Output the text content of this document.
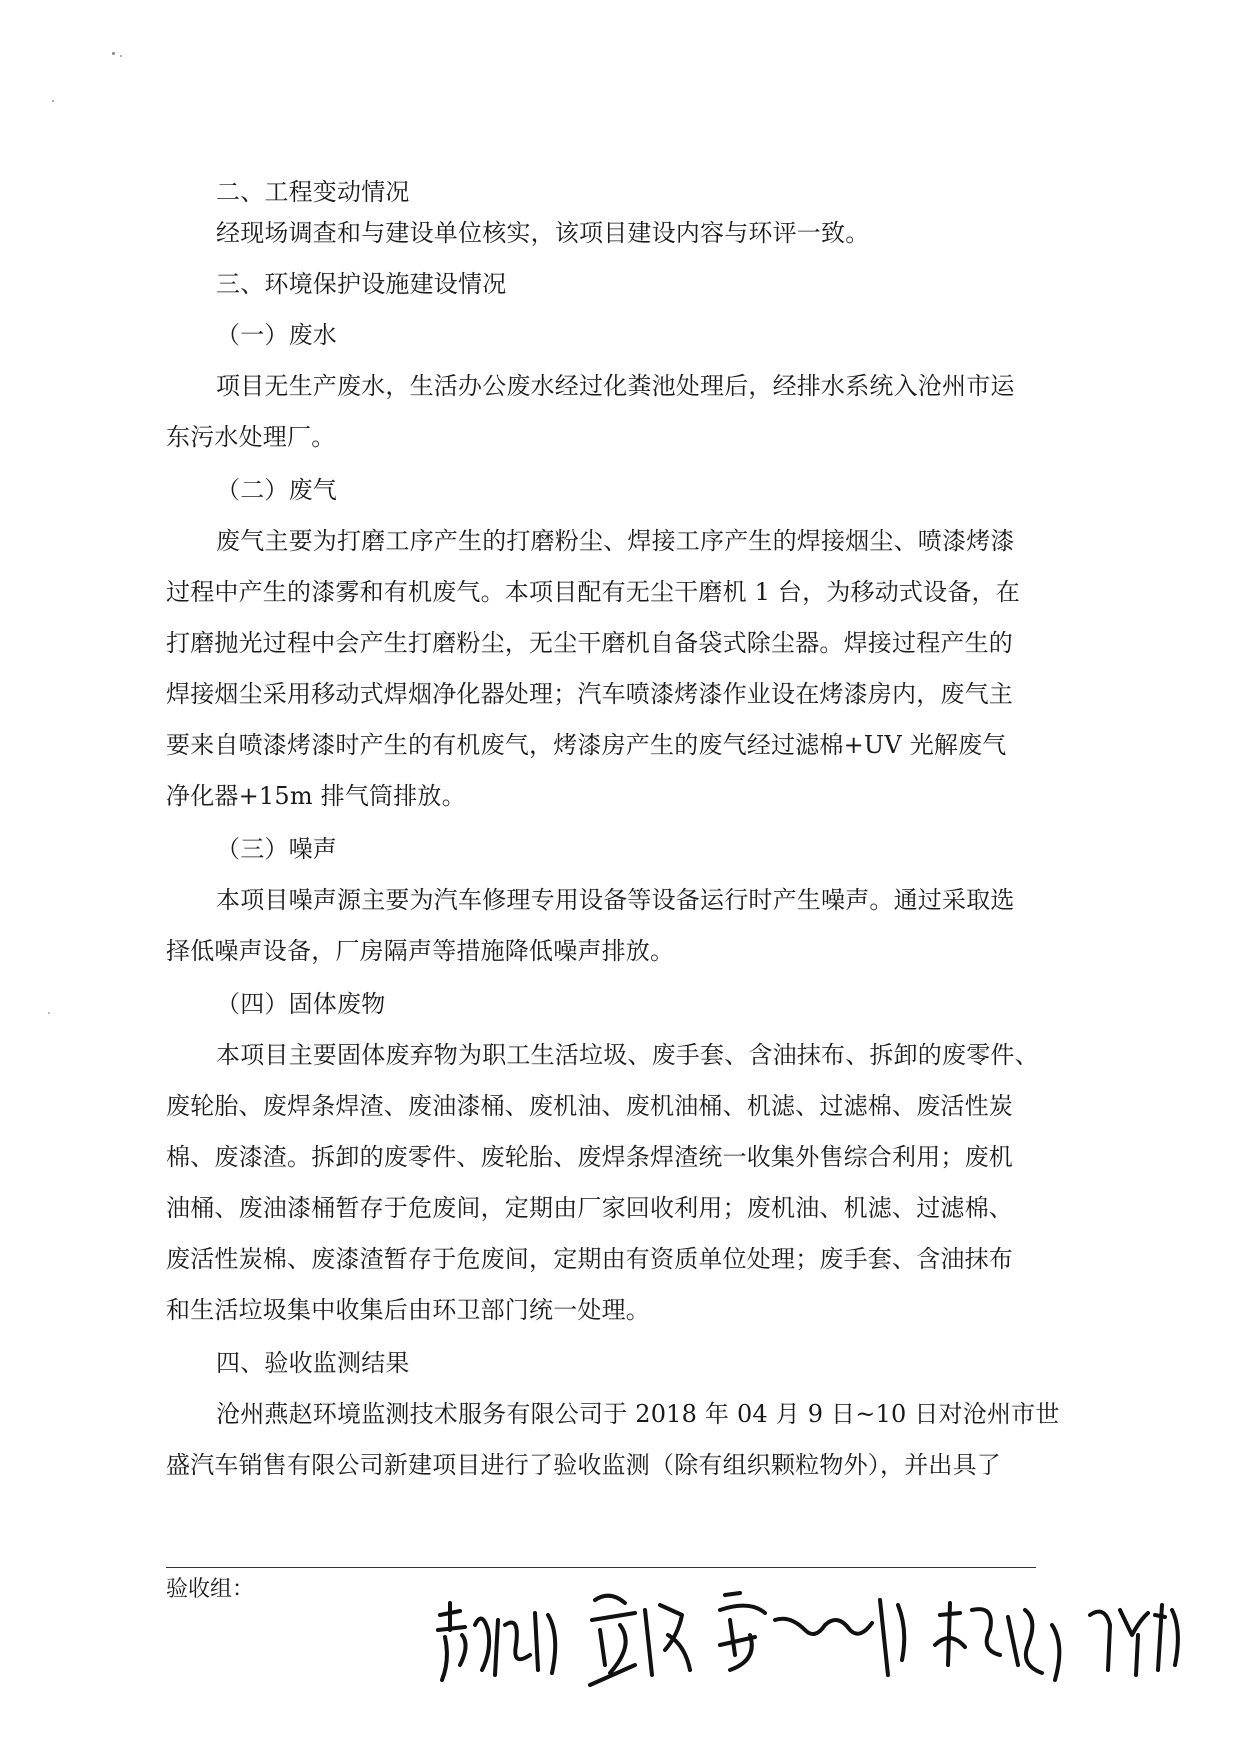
二、工程变动情况
经现场调查和与建设单位核实，该项目建设内容与环评一致。
三、环境保护设施建设情况
（一）废水
项目无生产废水，生活办公废水经过化粪池处理后，经排水系统入沧州市运
东污水处理厂。
（二）废气
废气主要为打磨工序产生的打磨粉尘、焊接工序产生的焊接烟尘、喷漆烤漆
过程中产生的漆雾和有机废气。本项目配有无尘干磨机 1 台，为移动式设备，在
打磨抛光过程中会产生打磨粉尘，无尘干磨机自备袋式除尘器。焊接过程产生的
焊接烟尘采用移动式焊烟净化器处理；汽车喷漆烤漆作业设在烤漆房内，废气主
要来自喷漆烤漆时产生的有机废气，烤漆房产生的废气经过滤棉+UV 光解废气
净化器+15m 排气筒排放。
（三）噪声
本项目噪声源主要为汽车修理专用设备等设备运行时产生噪声。通过采取选
择低噪声设备，厂房隔声等措施降低噪声排放。
（四）固体废物
本项目主要固体废弃物为职工生活垃圾、废手套、含油抹布、拆卸的废零件、
废轮胎、废焊条焊渣、废油漆桶、废机油、废机油桶、机滤、过滤棉、废活性炭
棉、废漆渣。拆卸的废零件、废轮胎、废焊条焊渣统一收集外售综合利用；废机
油桶、废油漆桶暂存于危废间，定期由厂家回收利用；废机油、机滤、过滤棉、
废活性炭棉、废漆渣暂存于危废间，定期由有资质单位处理；废手套、含油抹布
和生活垃圾集中收集后由环卫部门统一处理。
四、验收监测结果
沧州燕赵环境监测技术服务有限公司于 2018 年 04 月 9 日~10 日对沧州市世
盛汽车销售有限公司新建项目进行了验收监测（除有组织颗粒物外），并出具了
验收组：
